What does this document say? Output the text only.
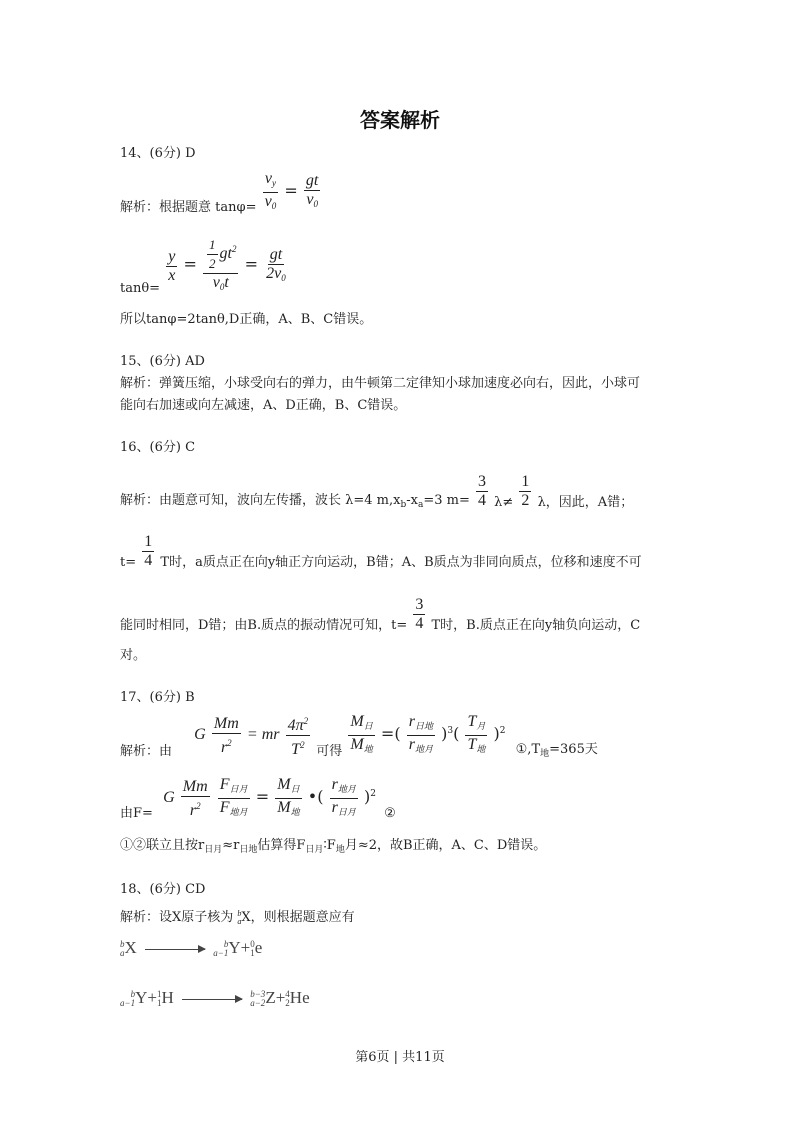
答案解析
14、(6分) D
解析：根据题意 $\tan\varphi= \frac{v_y}{v_0} = \frac{gt}{v_0}$
tanθ=
$\frac{y}{x} = \frac{\frac{1}{2} gt^2}{v_0t} = \frac{gt}{2v_0}$
所以tanφ=2tanθ,D正确，A、B、C错误。
15、(6分) AD
解析：弹簧压缩，小球受向右的弹力，由牛顿第二定律知小球加速度必向右，因此，小球可
能向右加速或向左减速，A、D正确，B、C错误。
16、(6分) C
解析：由题意可知，波向左传播，波长 λ=4 $m,x_b-x_a=3$ $m= \frac{3}{4} \lambda\ne \frac{1}{2}$ λ，因此，A错；
$t= \frac{1}{4}$ T时，a质点正在向y轴正方向运动，B错；A、B质点为非同向质点，位移和速度不可
能同时相同，D错；由B.质点的振动情况可知，$t= \frac{3}{4}$ T时，B.质点正在向y轴负向运动，C
对。
17、(6分) B
解析：由 G $\frac{Mm}{r^2}$ = mr $\frac{4\pi^2}{T^2}$ 可得 $\frac{M_日}{M_地}$ =( $\frac{r_{日地}}{r_{地月}} )^3( \frac{T_月}{T_地} )^2$ $①,T_地=365$天
由F= G $\frac{Mm}{r^2}$
$\frac{F_{日月}}{F_{地月}} = \frac{M_日}{M_地}$ •( $\frac{r_{地月}}{r_{日月}} )^2$ ②
①②联立且按$r_{日月}\approx r_{日地}$估算得$F_{日月}∶F_地$月≈2，故B正确，A、C、D错误。
18、(6分) CD
解析：设X原子核为 b
a X，则根据题意应有
b
a X	b
a−1 Y+ 0
1 e
b
a−1 Y+ 1
1 H	b−3
a−2 Z+ 4
2 He
第6页 | 共11页
